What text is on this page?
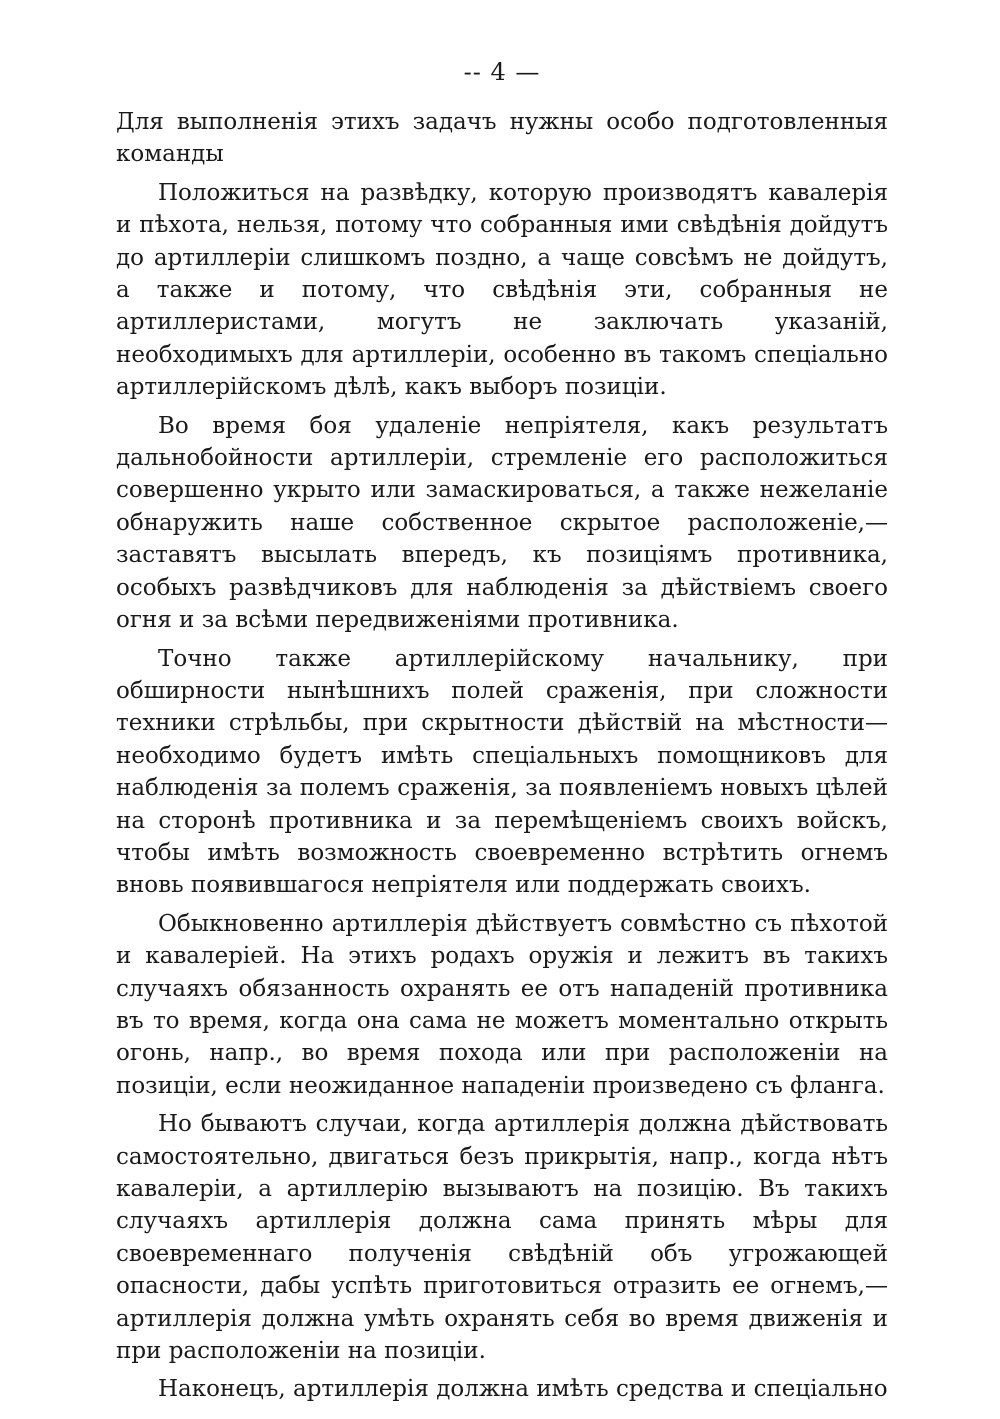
-- 4 —

Для выполненія этихъ задачъ нужны особо подготовленныя команды

Положиться на развѣдку, которую производятъ кавалерія и пѣхота, нельзя, потому что собранныя ими свѣдѣнія дойдутъ до артиллеріи слишкомъ поздно, а чаще совсѣмъ не дойдутъ, а также и потому, что свѣдѣнія эти, собранныя не артиллеристами, могутъ не заключать указаній, необходимыхъ для артиллеріи, особенно въ такомъ спеціально артиллерійскомъ дѣлѣ, какъ выборъ позиціи.

Во время боя удаленіе непріятеля, какъ результатъ дальнобойности артиллеріи, стремленіе его расположиться совершенно укрыто или замаскироваться, а также нежеланіе обнаружить наше собственное скрытое расположеніе,—заставятъ высылать впередъ, къ позиціямъ противника, особыхъ развѣдчиковъ для наблюденія за дѣйствіемъ своего огня и за всѣми передвиженіями противника.

Точно также артиллерійскому начальнику, при обширности нынѣшнихъ полей сраженія, при сложности техники стрѣльбы, при скрытности дѣйствій на мѣстности—необходимо будетъ имѣть спеціальныхъ помощниковъ для наблюденія за полемъ сраженія, за появленіемъ новыхъ цѣлей на сторонѣ противника и за перемѣщеніемъ своихъ войскъ, чтобы имѣть возможность своевременно встрѣтить огнемъ вновь появившагося непріятеля или поддержать своихъ.

Обыкновенно артиллерія дѣйствуетъ совмѣстно съ пѣхотой и кавалеріей. На этихъ родахъ оружія и лежитъ въ такихъ случаяхъ обязанность охранять ее отъ нападеній противника въ то время, когда она сама не можетъ моментально открыть огонь, напр., во время похода или при расположеніи на позиціи, если неожиданное нападеніи произведено съ фланга.

Но бываютъ случаи, когда артиллерія должна дѣйствовать самостоятельно, двигаться безъ прикрытія, напр., когда нѣтъ кавалеріи, а артиллерію вызываютъ на позицію. Въ такихъ случаяхъ артиллерія должна сама принять мѣры для своевременнаго полученія свѣдѣній объ угрожающей опасности, дабы успѣть приготовиться отразить ее огнемъ,—артиллерія должна умѣть охранять себя во время движенія и при расположеніи на позиціи.

Наконецъ, артиллерія должна имѣть средства и спеціально
